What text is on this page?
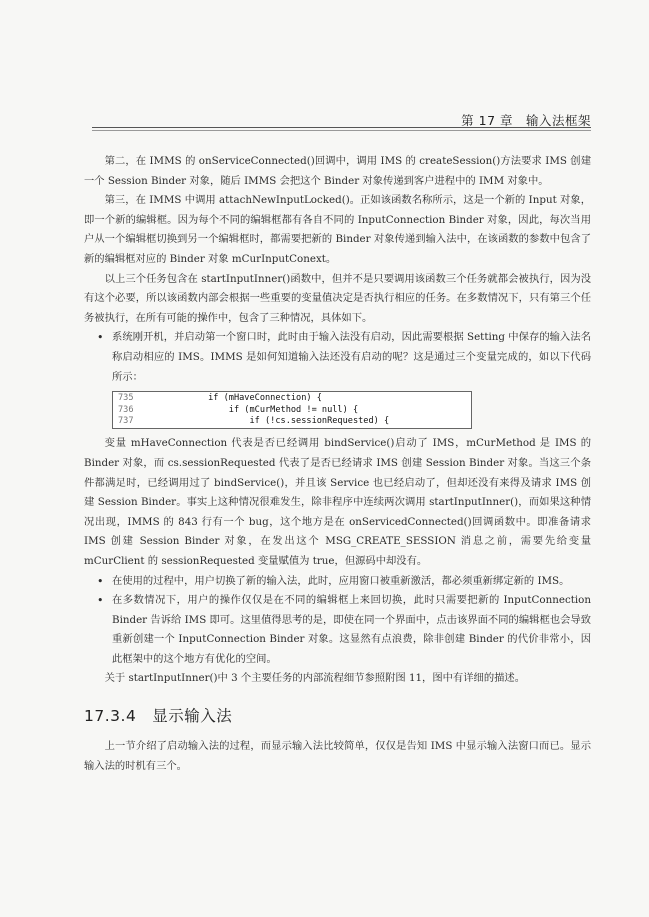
第 17 章　输入法框架

第二，在 IMMS 的 onServiceConnected()回调中，调用 IMS 的 createSession()方法要求 IMS 创建一个 Session Binder 对象，随后 IMMS 会把这个 Binder 对象传递到客户进程中的 IMM 对象中。

第三，在 IMMS 中调用 attachNewInputLocked()。正如该函数名称所示，这是一个新的 Input 对象，即一个新的编辑框。因为每个不同的编辑框都有各自不同的 InputConnection Binder 对象，因此，每次当用户从一个编辑框切换到另一个编辑框时，都需要把新的 Binder 对象传递到输入法中，在该函数的参数中包含了新的编辑框对应的 Binder 对象 mCurInputConext。

以上三个任务包含在 startInputInner()函数中，但并不是只要调用该函数三个任务就都会被执行，因为没有这个必要，所以该函数内部会根据一些重要的变量值决定是否执行相应的任务。在多数情况下，只有第三个任务被执行，在所有可能的操作中，包含了三种情况，具体如下。

• 系统刚开机，并启动第一个窗口时，此时由于输入法没有启动，因此需要根据 Setting 中保存的输入法名称启动相应的 IMS。IMMS 是如何知道输入法还没有启动的呢？这是通过三个变量完成的，如以下代码所示：
735	if (mHaveConnection) {
736	if (mCurMethod != null) {
737	if (!cs.sessionRequested) {

变量 mHaveConnection 代表是否已经调用 bindService()启动了 IMS，mCurMethod 是 IMS 的 Binder 对象，而 cs.sessionRequested 代表了是否已经请求 IMS 创建 Session Binder 对象。当这三个条件都满足时，已经调用过了 bindService()，并且该 Service 也已经启动了，但却还没有来得及请求 IMS 创建 Session Binder。事实上这种情况很难发生，除非程序中连续两次调用 startInputInner()，而如果这种情况出现，IMMS 的 843 行有一个 bug，这个地方是在 onServicedConnected()回调函数中。即准备请求 IMS 创建 Session Binder 对象，在发出这个 MSG_CREATE_SESSION 消息之前，需要先给变量 mCurClient 的 sessionRequested 变量赋值为 true，但源码中却没有。

• 在使用的过程中，用户切换了新的输入法，此时，应用窗口被重新激活，都必须重新绑定新的 IMS。
• 在多数情况下，用户的操作仅仅是在不同的编辑框上来回切换，此时只需要把新的 InputConnection Binder 告诉给 IMS 即可。这里值得思考的是，即使在同一个界面中，点击该界面不同的编辑框也会导致重新创建一个 InputConnection Binder 对象。这显然有点浪费，除非创建 Binder 的代价非常小，因此框架中的这个地方有优化的空间。

关于 startInputInner()中 3 个主要任务的内部流程细节参照附图 11，图中有详细的描述。

17.3.4　显示输入法

上一节介绍了启动输入法的过程，而显示输入法比较简单，仅仅是告知 IMS 中显示输入法窗口而已。显示输入法的时机有三个。
